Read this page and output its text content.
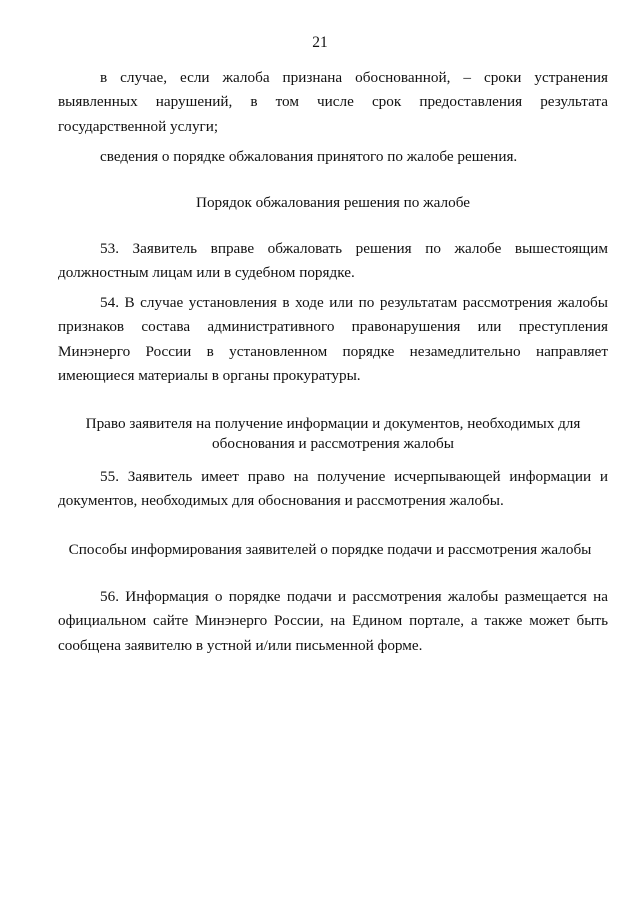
21
в случае, если жалоба признана обоснованной, – сроки устранения
выявленных нарушений, в том числе срок предоставления результата
государственной услуги;
сведения о порядке обжалования принятого по жалобе решения.
Порядок обжалования решения по жалобе
53. Заявитель вправе обжаловать решения по жалобе вышестоящим
должностным лицам или в судебном порядке.
54. В случае установления в ходе или по результатам рассмотрения жалобы
признаков состава административного правонарушения или преступления
Минэнерго России в установленном порядке незамедлительно направляет
имеющиеся материалы в органы прокуратуры.
Право заявителя на получение информации и документов, необходимых для
обоснования и рассмотрения жалобы
55. Заявитель имеет право на получение исчерпывающей информации и
документов, необходимых для обоснования и рассмотрения жалобы.
Способы информирования заявителей о порядке подачи и рассмотрения жалобы
56. Информация о порядке подачи и рассмотрения жалобы размещается на
официальном сайте Минэнерго России, на Едином портале, а также может быть
сообщена заявителю в устной и/или письменной форме.
